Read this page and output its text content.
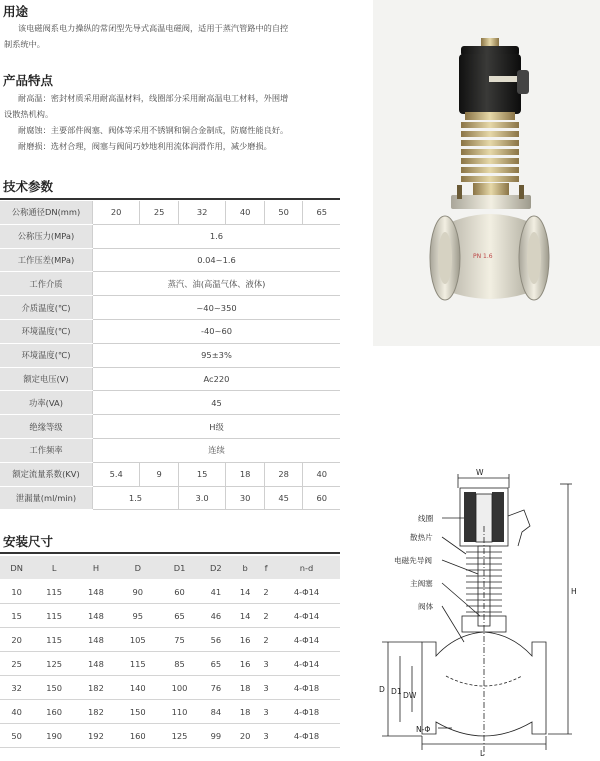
用途
该电磁阀系电力操纵的常闭型先导式高温电磁阀，适用于蒸汽管路中的自控
制系统中。
产品特点
耐高温：密封材质采用耐高温材料，线圈部分采用耐高温电工材料，外围增
设散热机构。
耐腐蚀：主要部件阀塞、阀体等采用不锈钢和铜合金制成，防腐性能良好。
耐磨损：选材合理，阀塞与阀间巧妙地利用流体润滑作用，减少磨损。
技术参数
公称通径DN(mm)	20	25	32	40	50	65
公称压力(MPa)	1.6					
工作压差(MPa)	0.04~1.6					
工作介质	蒸汽、油(高温气体、液体)					
介质温度(℃)	~40~350					
环境温度(℃)	-40~60					
环境温度(℃)	95±3%					
额定电压(V)	Ac220					
功率(VA)	45					
绝缘等级	H级					
工作频率	连续					
额定流量系数(KV)	5.4	9	15	18	28	40
泄漏量(ml/min)	1.5		3.0	30	45	60
安装尺寸
DN	L	H	D	D1	D2	b	f	n-d
10	115	148	90	60	41	14	2	4-Φ14
15	115	148	95	65	46	14	2	4-Φ14
20	115	148	105	75	56	16	2	4-Φ14
25	125	148	115	85	65	16	3	4-Φ14
32	150	182	140	100	76	18	3	4-Φ18
40	160	182	150	110	84	18	3	4-Φ18
50	190	192	160	125	99	20	3	4-Φ18
PN 1.6
W
H
D D1 DW
L
N-Φ
线圈
散热片
电磁先导阀
主阀塞
阀体
